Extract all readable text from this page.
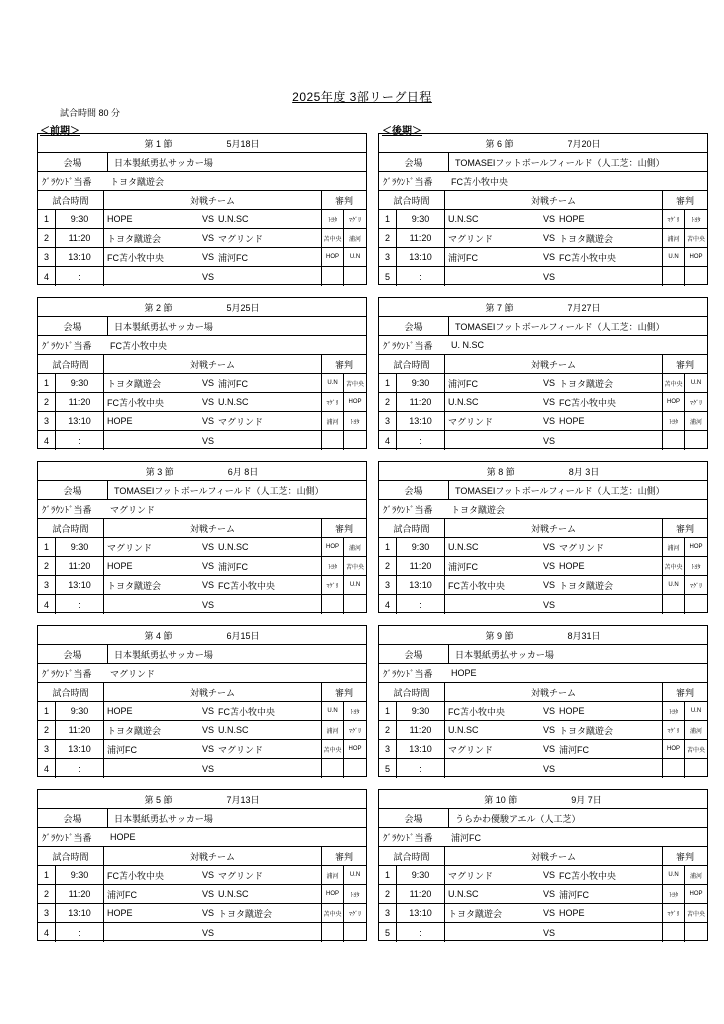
2025年度 3部リーグ日程
試合時間 80 分
＜前期＞	＜後期＞
第 1 節	5月18日
会場	日本製紙勇払サッカー場
ｸﾞﾗｳﾝﾄﾞ当番	トヨタ蹴遊会
試合時間	対戦チーム	審判
1	9:30	HOPE	VS U.N.SC	ﾄﾖﾀ	ﾏｸﾞﾘ
2	11:20	トヨタ蹴遊会	VS マグリンド	苫中央	浦河
3	13:10	FC苫小牧中央	VS 浦河FC	HOP	U.N
4	:	VS
第 2 節	5月25日
会場	日本製紙勇払サッカー場
ｸﾞﾗｳﾝﾄﾞ当番	FC苫小牧中央
試合時間	対戦チーム	審判
1	9:30	トヨタ蹴遊会	VS 浦河FC	U.N	苫中央
2	11:20	FC苫小牧中央	VS U.N.SC	ﾏｸﾞﾘ	HOP
3	13:10	HOPE	VS マグリンド	浦河	ﾄﾖﾀ
4	:	VS
第 3 節	6月 8日
会場	TOMASEIフットボールフィールド（人工芝：山側）
ｸﾞﾗｳﾝﾄﾞ当番	マグリンド
試合時間	対戦チーム	審判
1	9:30	マグリンド	VS U.N.SC	HOP	浦河
2	11:20	HOPE	VS 浦河FC	ﾄﾖﾀ	苫中央
3	13:10	トヨタ蹴遊会	VS FC苫小牧中央	ﾏｸﾞﾘ	U.N
4	:	VS
第 4 節	6月15日
会場	日本製紙勇払サッカー場
ｸﾞﾗｳﾝﾄﾞ当番	マグリンド
試合時間	対戦チーム	審判
1	9:30	HOPE	VS FC苫小牧中央	U.N	ﾄﾖﾀ
2	11:20	トヨタ蹴遊会	VS U.N.SC	浦河	ﾏｸﾞﾘ
3	13:10	浦河FC	VS マグリンド	苫中央	HOP
4	:	VS
第 5 節	7月13日
会場	日本製紙勇払サッカー場
ｸﾞﾗｳﾝﾄﾞ当番	HOPE
試合時間	対戦チーム	審判
1	9:30	FC苫小牧中央	VS マグリンド	浦河	U.N
2	11:20	浦河FC	VS U.N.SC	HOP	ﾄﾖﾀ
3	13:10	HOPE	VS トヨタ蹴遊会	苫中央	ﾏｸﾞﾘ
4	:	VS
第 6 節	7月20日
会場	TOMASEIフットボールフィールド（人工芝：山側）
ｸﾞﾗｳﾝﾄﾞ当番	FC苫小牧中央
試合時間	対戦チーム	審判
1	9:30	U.N.SC	VS HOPE	ﾏｸﾞﾘ	ﾄﾖﾀ
2	11:20	マグリンド	VS トヨタ蹴遊会	浦河	苫中央
3	13:10	浦河FC	VS FC苫小牧中央	U.N	HOP
5	:	VS
第 7 節	7月27日
会場	TOMASEIフットボールフィールド（人工芝：山側）
ｸﾞﾗｳﾝﾄﾞ当番	U. N.SC
試合時間	対戦チーム	審判
1	9:30	浦河FC	VS トヨタ蹴遊会	苫中央	U.N
2	11:20	U.N.SC	VS FC苫小牧中央	HOP	ﾏｸﾞﾘ
3	13:10	マグリンド	VS HOPE	ﾄﾖﾀ	浦河
4	:	VS
第 8 節	8月 3日
会場	TOMASEIフットボールフィールド（人工芝：山側）
ｸﾞﾗｳﾝﾄﾞ当番	トヨタ蹴遊会
試合時間	対戦チーム	審判
1	9:30	U.N.SC	VS マグリンド	浦河	HOP
2	11:20	浦河FC	VS HOPE	苫中央	ﾄﾖﾀ
3	13:10	FC苫小牧中央	VS トヨタ蹴遊会	U.N	ﾏｸﾞﾘ
4	:	VS
第 9 節	8月31日
会場	日本製紙勇払サッカー場
ｸﾞﾗｳﾝﾄﾞ当番	HOPE
試合時間	対戦チーム	審判
1	9:30	FC苫小牧中央	VS HOPE	ﾄﾖﾀ	U.N
2	11:20	U.N.SC	VS トヨタ蹴遊会	ﾏｸﾞﾘ	浦河
3	13:10	マグリンド	VS 浦河FC	HOP	苫中央
5	:	VS
第 10 節	9月 7日
会場	うらかわ優駿アエル（人工芝）
ｸﾞﾗｳﾝﾄﾞ当番	浦河FC
試合時間	対戦チーム	審判
1	9:30	マグリンド	VS FC苫小牧中央	U.N	浦河
2	11:20	U.N.SC	VS 浦河FC	ﾄﾖﾀ	HOP
3	13:10	トヨタ蹴遊会	VS HOPE	ﾏｸﾞﾘ	苫中央
5	:	VS
